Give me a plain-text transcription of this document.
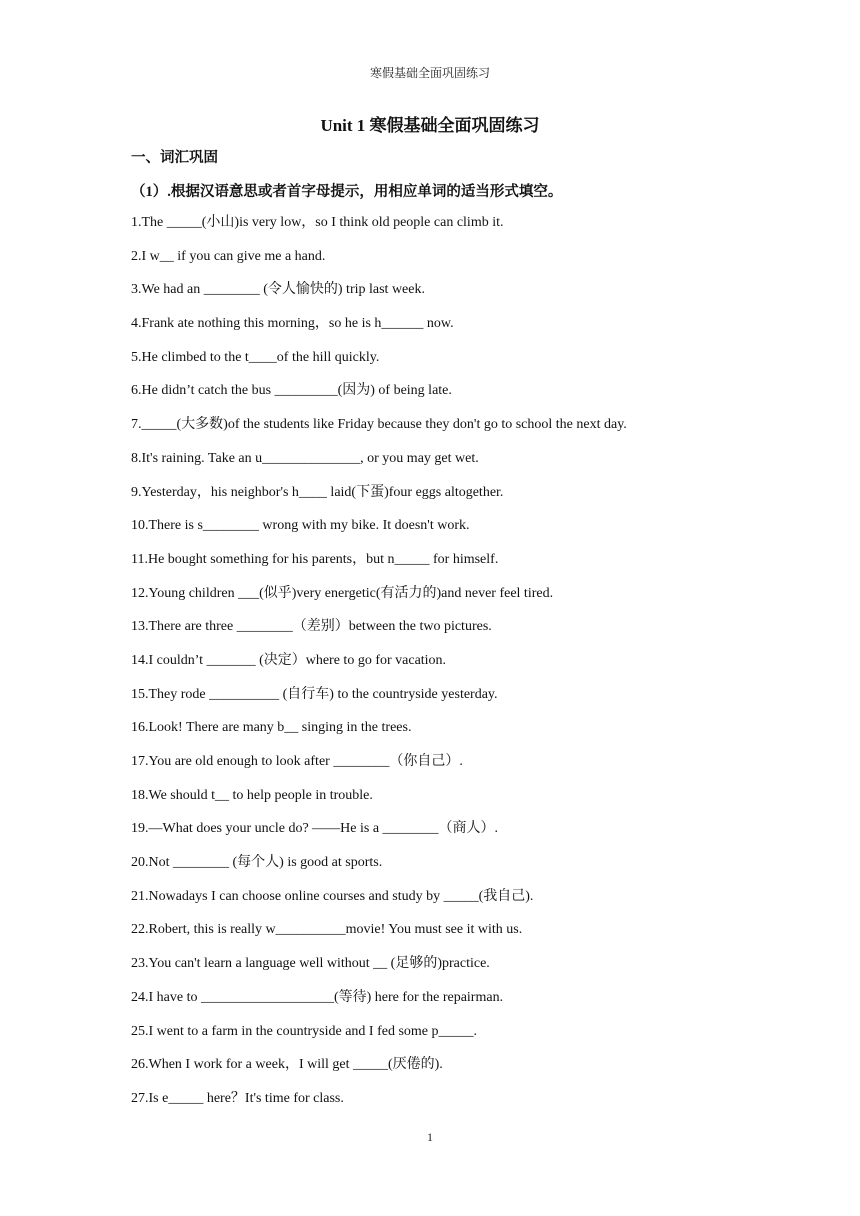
寒假基础全面巩固练习
Unit 1 寒假基础全面巩固练习
一、词汇巩固
（1）.根据汉语意思或者首字母提示，用相应单词的适当形式填空。
1.The _____(小山)is very low，so I think old people can climb it.
2.I w__ if you can give me a hand.
3.We had an ________ (令人愉快的) trip last week.
4.Frank ate nothing this morning，so he is h______ now.
5.He climbed to the t____of the hill quickly.
6.He didn’t catch the bus _________(因为) of being late.
7._____(大多数)of the students like Friday because they don't go to school the next day.
8.It's raining. Take an u______________, or you may get wet.
9.Yesterday，his neighbor's h____ laid(下蛋)four eggs altogether.
10.There is s________ wrong with my bike. It doesn't work.
11.He bought something for his parents，but n_____ for himself.
12.Young children ___(似乎)very energetic(有活力的)and never feel tired.
13.There are three ________（差别）between the two pictures.
14.I couldn’t _______ (决定）where to go for vacation.
15.They rode __________ (自行车) to the countryside yesterday.
16.Look! There are many b__ singing in the trees.
17.You are old enough to look after ________（你自己）.
18.We should t__ to help people in trouble.
19.—What does your uncle do? ——He is a ________（商人）.
20.Not ________ (每个人) is good at sports.
21.Nowadays I can choose online courses and study by _____(我自己).
22.Robert, this is really w__________movie! You must see it with us.
23.You can't learn a language well without __ (足够的)practice.
24.I have to ___________________(等待) here for the repairman.
25.I went to a farm in the countryside and I fed some p_____.
26.When I work for a week，I will get _____(厌倦的).
27.Is e_____ here？It's time for class.
1
